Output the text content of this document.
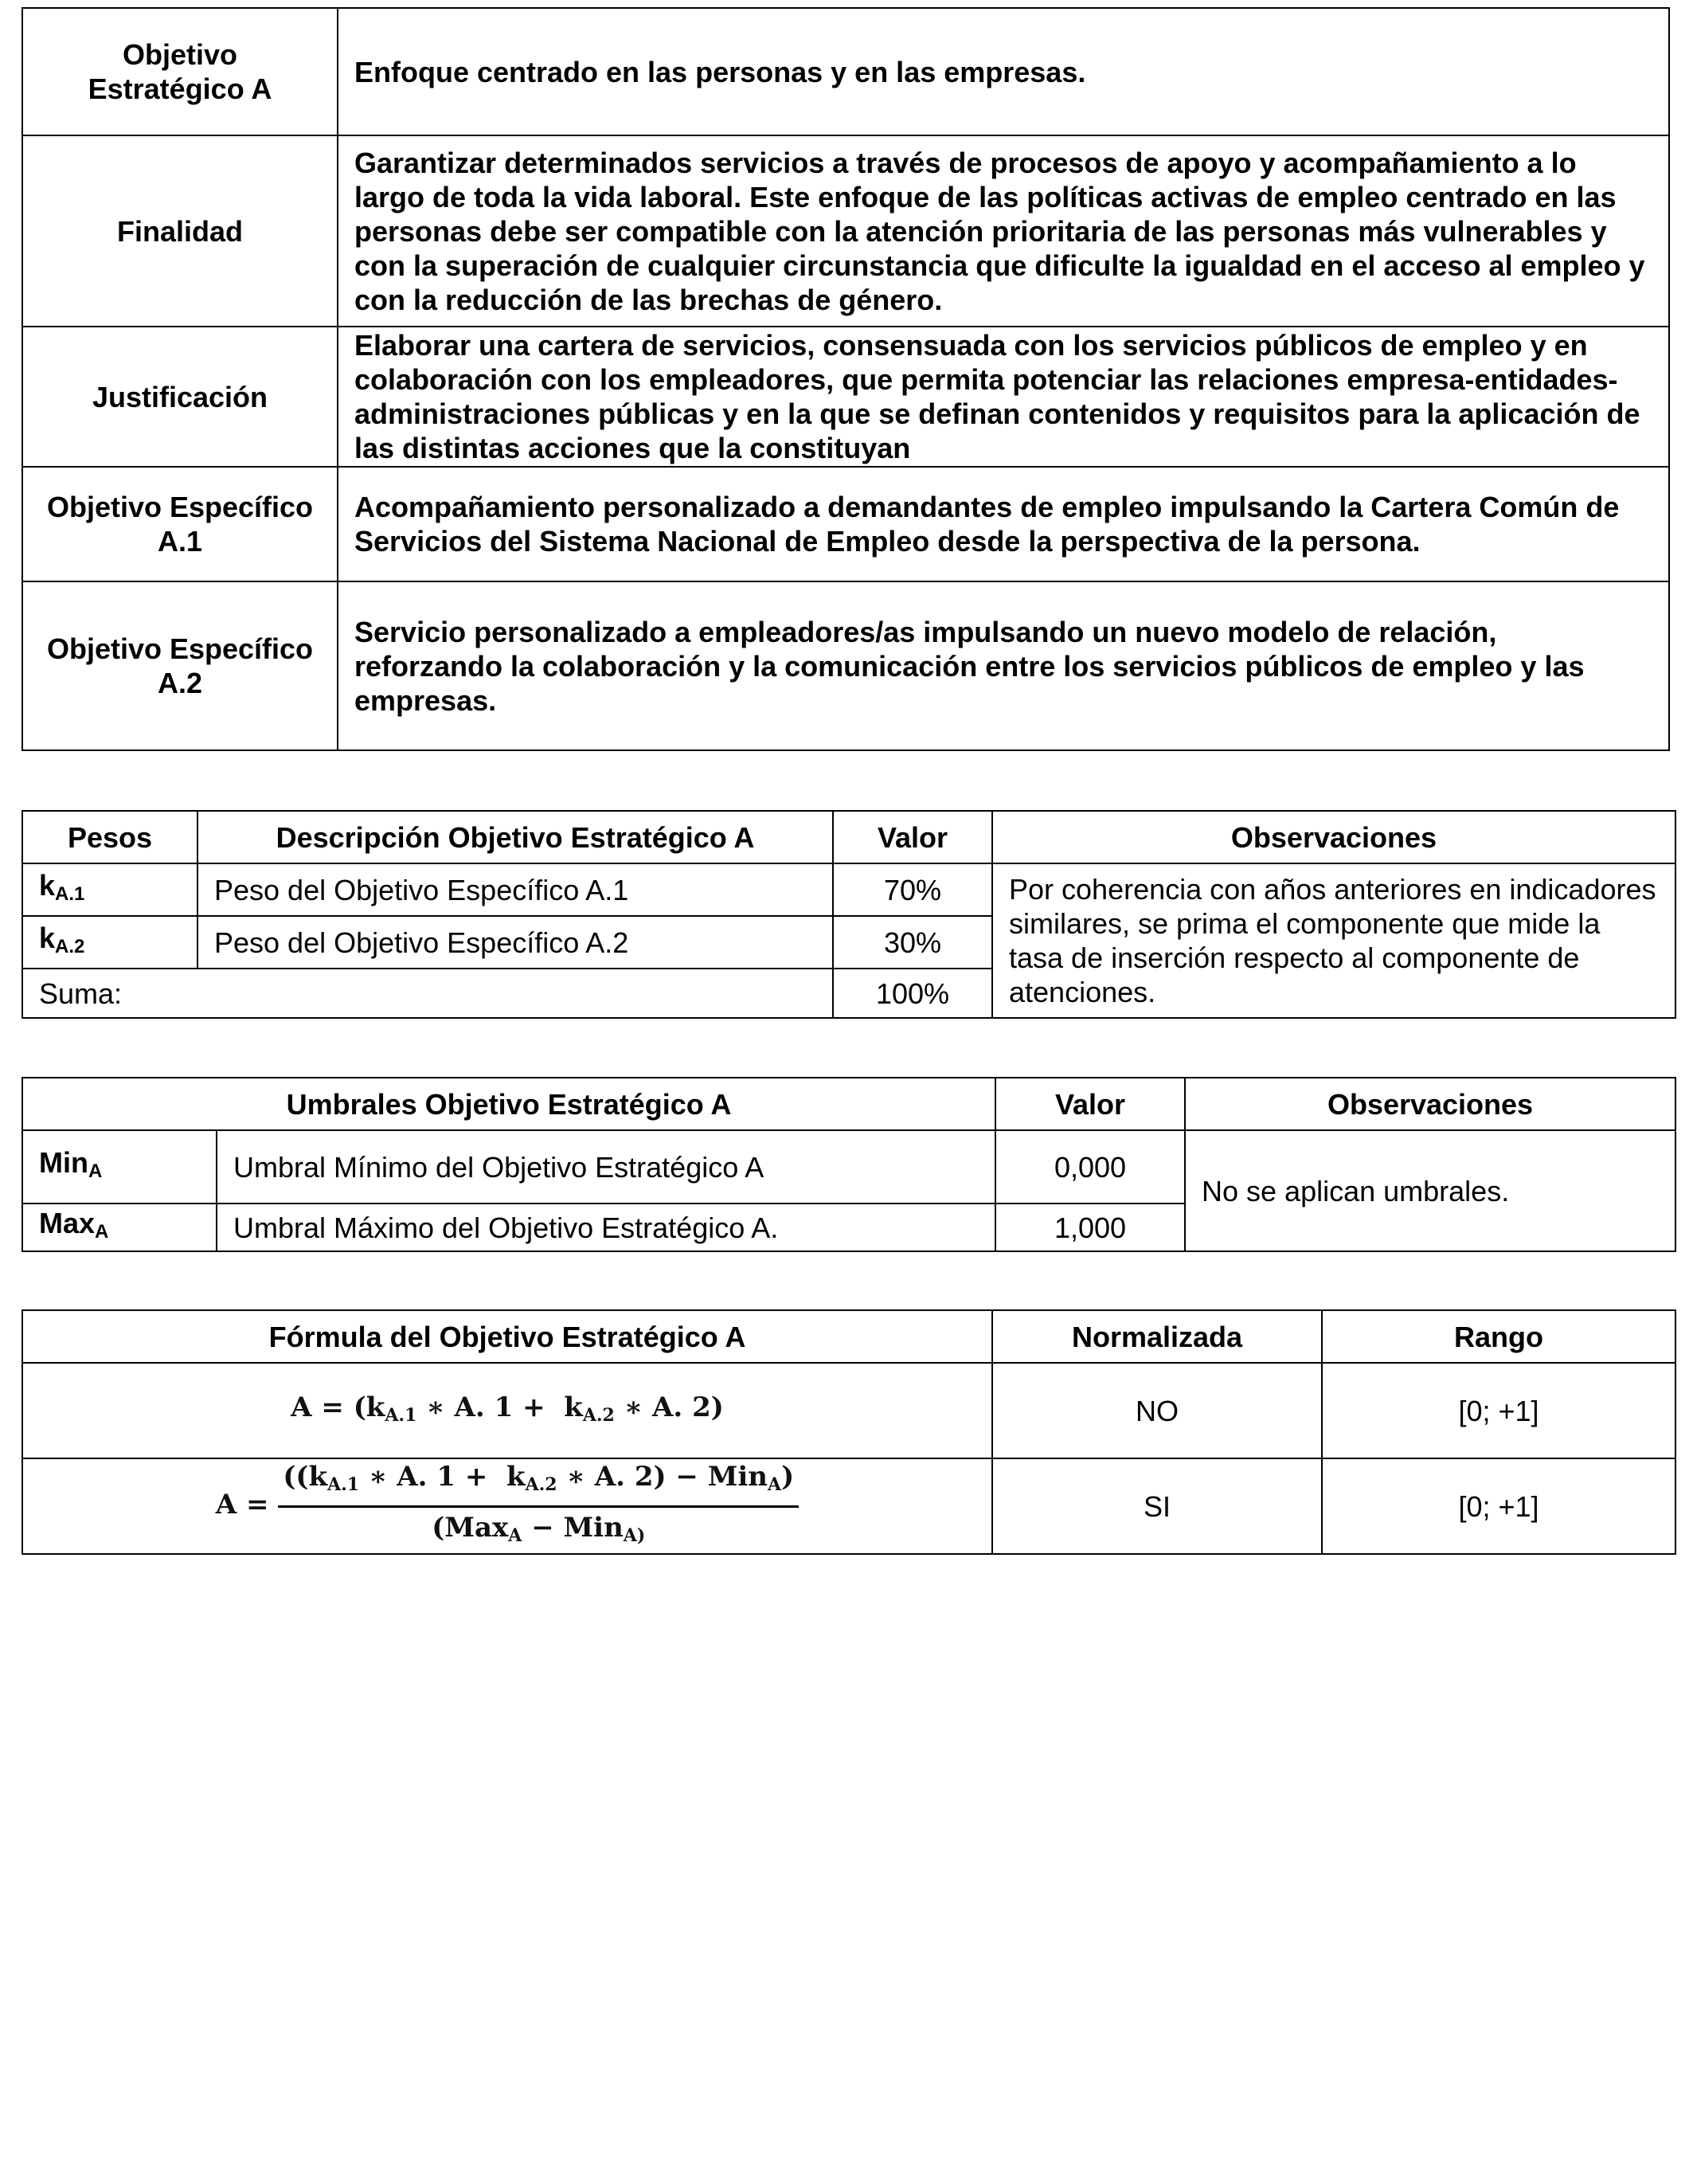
Objetivo Estratégico A	Enfoque centrado en las personas y en las empresas.
Finalidad	Garantizar determinados servicios a través de procesos de apoyo y acompañamiento a lo largo de toda la vida laboral. Este enfoque de las políticas activas de empleo centrado en las personas debe ser compatible con la atención prioritaria de las personas más vulnerables y con la superación de cualquier circunstancia que dificulte la igualdad en el acceso al empleo y con la reducción de las brechas de género.
Justificación	Elaborar una cartera de servicios, consensuada con los servicios públicos de empleo y en colaboración con los empleadores, que permita potenciar las relaciones empresa-entidades-administraciones públicas y en la que se definan contenidos y requisitos para la aplicación de las distintas acciones que la constituyan
Objetivo Específico A.1	Acompañamiento personalizado a demandantes de empleo impulsando la Cartera Común de Servicios del Sistema Nacional de Empleo desde la perspectiva de la persona.
Objetivo Específico A.2	Servicio personalizado a empleadores/as impulsando un nuevo modelo de relación, reforzando la colaboración y la comunicación entre los servicios públicos de empleo y las empresas.
Pesos	Descripción Objetivo Estratégico A	Valor	Observaciones
$k_{A.1}$	Peso del Objetivo Específico A.1	70%	Por coherencia con años anteriores en indicadores similares, se prima el componente que mide la tasa de inserción respecto al componente de atenciones.
$k_{A.2}$	Peso del Objetivo Específico A.2	30%	
Suma:		100%	
Umbrales Objetivo Estratégico A		Valor	Observaciones
Min$_A$	Umbral Mínimo del Objetivo Estratégico A	0,000	No se aplican umbrales.
Max$_A$	Umbral Máximo del Objetivo Estratégico A.	1,000	
Fórmula del Objetivo Estratégico A	Normalizada	Rango
A = (kA.1 ∗ A. 1 +  kA.2 ∗ A. 2)	NO	[0; +1]
$A = \frac{\text{((kA.1 ∗ A. 1 +  kA.2 ∗ A. 2) − MinA)}}{\text{(MaxA − MinA)}}$	SI	[0; +1]
